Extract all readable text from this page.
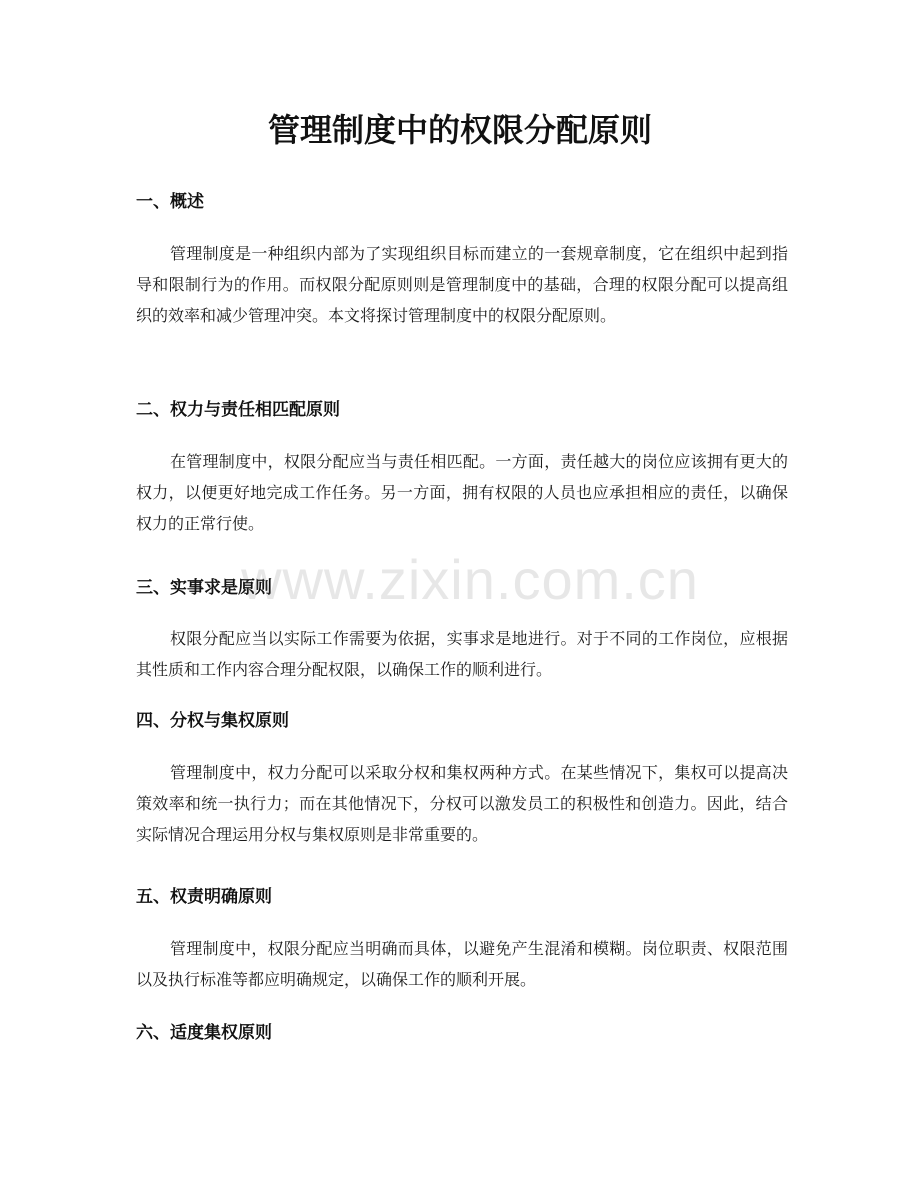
管理制度中的权限分配原则
一、概述

管理制度是一种组织内部为了实现组织目标而建立的一套规章制度，它在组织中起到指导和限制行为的作用。而权限分配原则则是管理制度中的基础，合理的权限分配可以提高组织的效率和减少管理冲突。本文将探讨管理制度中的权限分配原则。

二、权力与责任相匹配原则

在管理制度中，权限分配应当与责任相匹配。一方面，责任越大的岗位应该拥有更大的权力，以便更好地完成工作任务。另一方面，拥有权限的人员也应承担相应的责任，以确保权力的正常行使。

三、实事求是原则

权限分配应当以实际工作需要为依据，实事求是地进行。对于不同的工作岗位，应根据其性质和工作内容合理分配权限，以确保工作的顺利进行。

四、分权与集权原则

管理制度中，权力分配可以采取分权和集权两种方式。在某些情况下，集权可以提高决策效率和统一执行力；而在其他情况下，分权可以激发员工的积极性和创造力。因此，结合实际情况合理运用分权与集权原则是非常重要的。

五、权责明确原则

管理制度中，权限分配应当明确而具体，以避免产生混淆和模糊。岗位职责、权限范围以及执行标准等都应明确规定，以确保工作的顺利开展。

六、适度集权原则
www.zixin.com.cn
